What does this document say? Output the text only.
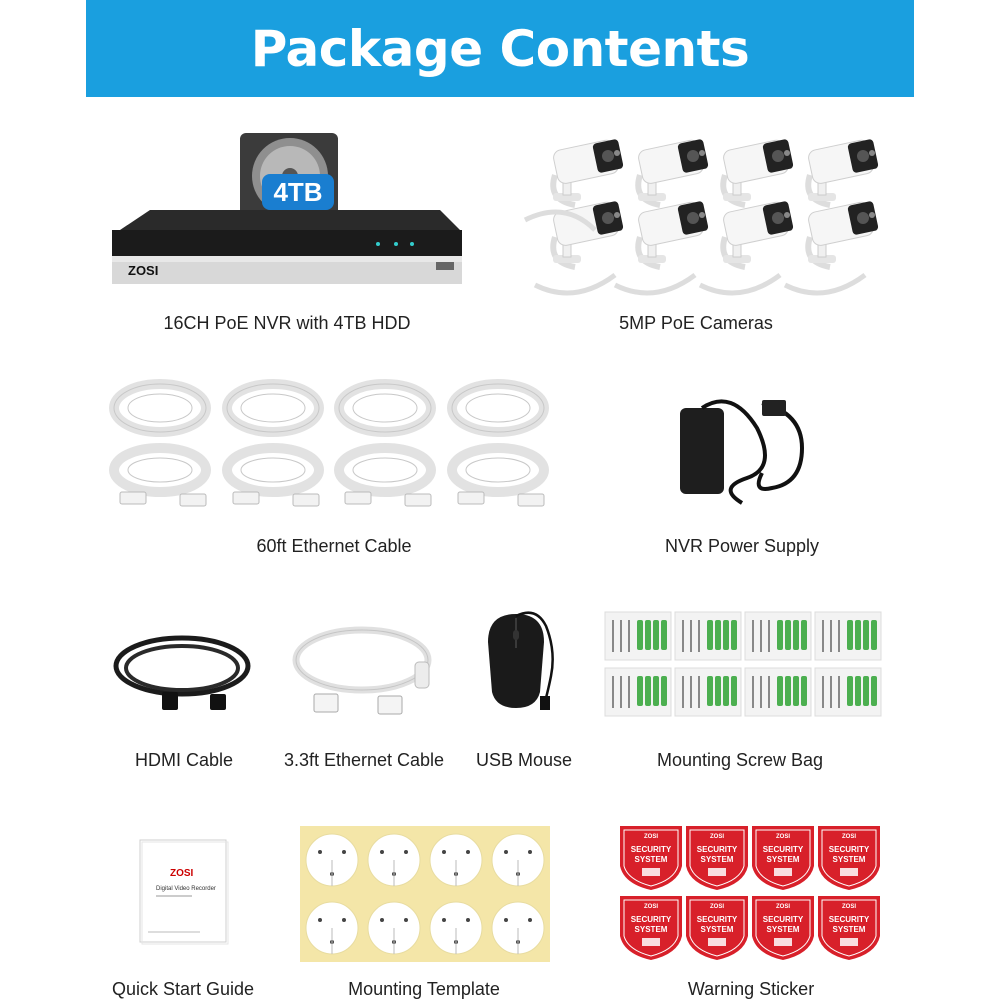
Package Contents
4TB
ZOSI
16CH PoE NVR with 4TB HDD	5MP PoE Cameras
60ft Ethernet Cable	NVR Power Supply
HDMI Cable	3.3ft Ethernet Cable USB Mouse	Mounting Screw Bag
ZOSI
Digital Video Recorder
Quick Start Guide	Mounting Template	Warning Sticker
